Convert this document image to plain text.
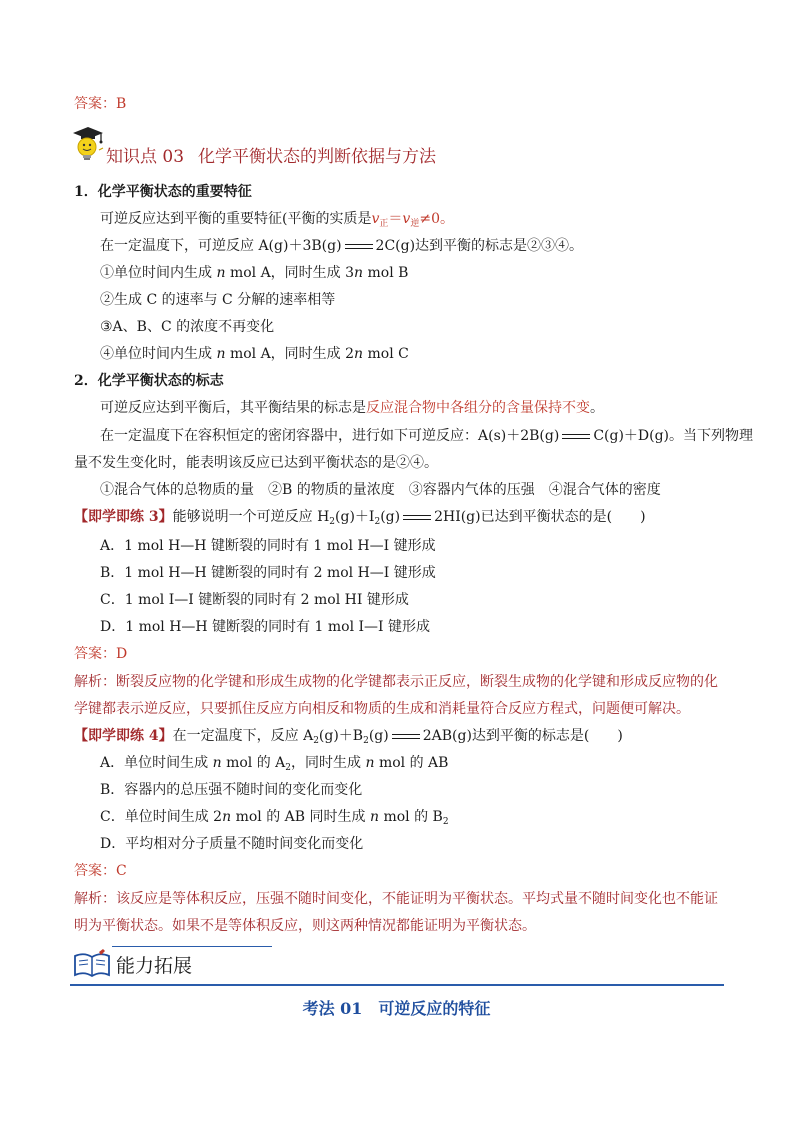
答案：B
知识点 03 化学平衡状态的判断依据与方法
1．化学平衡状态的重要特征
可逆反应达到平衡的重要特征(平衡的实质是$v_正=v_逆\ne 0$。
在一定温度下，可逆反应 A(g)＋3B(g) 2C(g)达到平衡的标志是②③④。
①单位时间内生成 n mol A，同时生成 3n mol B
②生成 C 的速率与 C 分解的速率相等
③A、B、C 的浓度不再变化
④单位时间内生成 n mol A，同时生成 2n mol C
2．化学平衡状态的标志
可逆反应达到平衡后，其平衡结果的标志是反应混合物中各组分的含量保持不变。
在一定温度下在容积恒定的密闭容器中，进行如下可逆反应：A(s)＋2B(g) C(g)＋D(g)。当下列物理
量不发生变化时，能表明该反应已达到平衡状态的是②④。
①混合气体的总物质的量　②B 的物质的量浓度　③容器内气体的压强　④混合气体的密度
【即学即练 3】能够说明一个可逆反应 $H_2(g)+I_2(g)$ 2HI(g)已达到平衡状态的是(　　)
A．1 mol H—H 键断裂的同时有 1 mol H—I 键形成
B．1 mol H—H 键断裂的同时有 2 mol H—I 键形成
C．1 mol I—I 键断裂的同时有 2 mol HI 键形成
D．1 mol H—H 键断裂的同时有 1 mol I—I 键形成
答案：D
解析：断裂反应物的化学键和形成生成物的化学键都表示正反应，断裂生成物的化学键和形成反应物的化
学键都表示逆反应，只要抓住反应方向相反和物质的生成和消耗量符合反应方程式，问题便可解决。
【即学即练 4】在一定温度下，反应 $A_2(g)+B_2(g)$ 2AB(g)达到平衡的标志是(　　)
A．单位时间生成 n mol 的 $A_2$，同时生成 n mol 的 AB
B．容器内的总压强不随时间的变化而变化
C．单位时间生成 2n mol 的 AB 同时生成 n mol 的 $B_2$
D．平均相对分子质量不随时间变化而变化
答案：C
解析：该反应是等体积反应，压强不随时间变化，不能证明为平衡状态。平均式量不随时间变化也不能证
明为平衡状态。如果不是等体积反应，则这两种情况都能证明为平衡状态。
能力拓展
考法 01　可逆反应的特征
